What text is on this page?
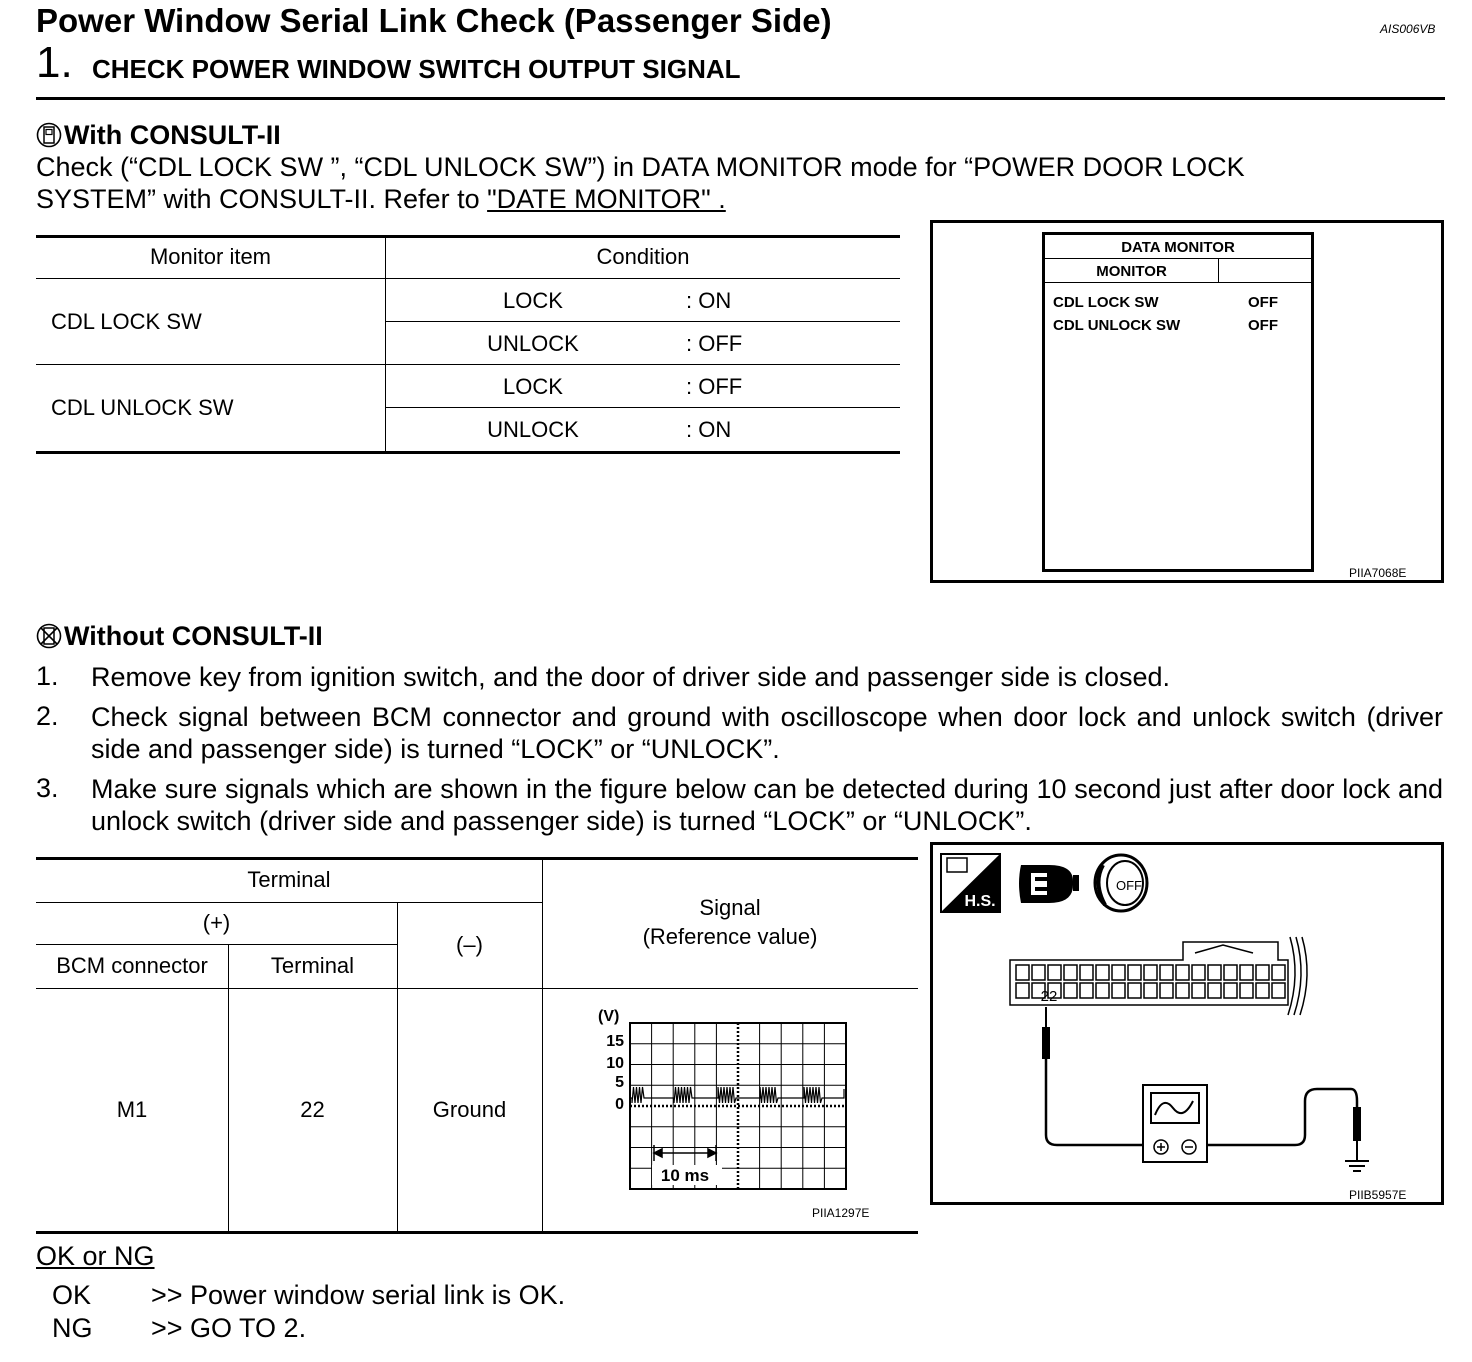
Power Window Serial Link Check (Passenger Side)	AIS006VB
1. CHECK POWER WINDOW SWITCH OUTPUT SIGNAL
With CONSULT-II
Check (“CDL LOCK SW ”, “CDL UNLOCK SW”) in DATA MONITOR mode for “POWER DOOR LOCK
SYSTEM” with CONSULT-II. Refer to "DATE MONITOR" .
Monitor item	Condition
CDL LOCK SW
LOCK	: ON
UNLOCK	: OFF
CDL UNLOCK SW
LOCK	: OFF
UNLOCK	: ON
DATA MONITOR
MONITOR
CDL LOCK SW	OFF
CDL UNLOCK SW	OFF
PIIA7068E
Without CONSULT-II
1. Remove key from ignition switch, and the door of driver side and passenger side is closed.
2. Check signal between BCM connector and ground with oscilloscope when door lock and unlock switch (driver side and passenger side) is turned “LOCK” or “UNLOCK”.
3. Make sure signals which are shown in the figure below can be detected during 10 second just after door lock and unlock switch (driver side and passenger side) is turned “LOCK” or “UNLOCK”.
Terminal
(+)
(–)
BCM connector	Terminal
Signal
(Reference value)
M1	22	Ground
(V)
15
10
5
0
10 ms
PIIA1297E
H.S.
OFF
22
PIIB5957E
OK or NG
OK >> Power window serial link is OK.
NG >> GO TO 2.
